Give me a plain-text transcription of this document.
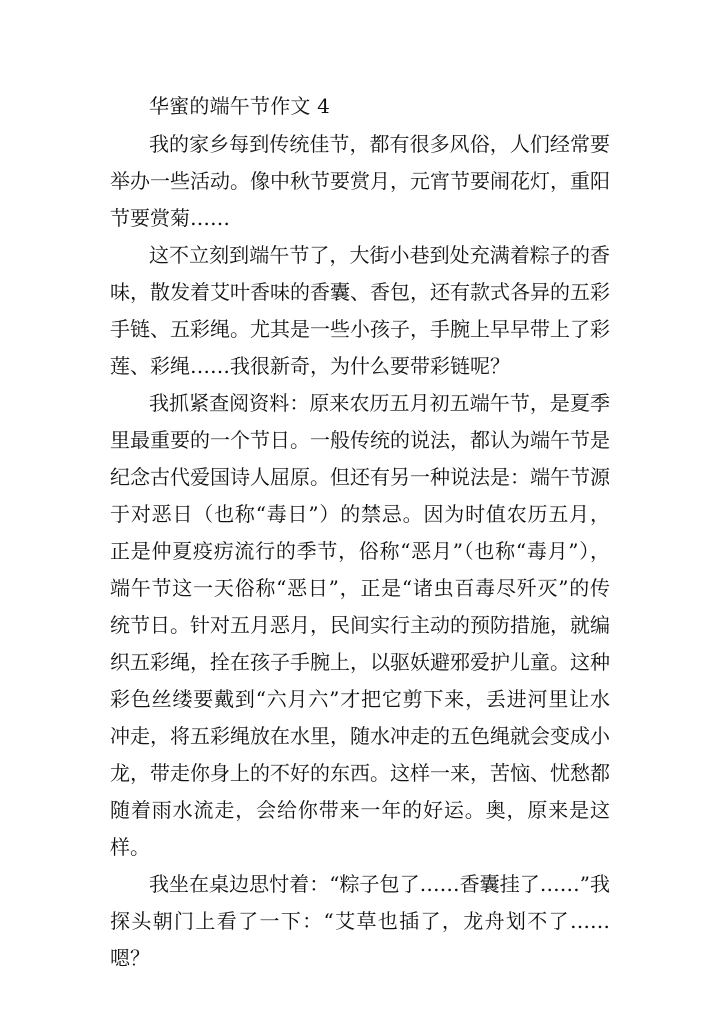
华蜜的端午节作文 4

我的家乡每到传统佳节，都有很多风俗，人们经常要举办一些活动。像中秋节要赏月，元宵节要闹花灯，重阳节要赏菊……

这不立刻到端午节了，大街小巷到处充满着粽子的香味，散发着艾叶香味的香囊、香包，还有款式各异的五彩手链、五彩绳。尤其是一些小孩子，手腕上早早带上了彩莲、彩绳……我很新奇，为什么要带彩链呢？

我抓紧查阅资料：原来农历五月初五端午节，是夏季里最重要的一个节日。一般传统的说法，都认为端午节是纪念古代爱国诗人屈原。但还有另一种说法是：端午节源于对恶日（也称“毒日”）的禁忌。因为时值农历五月，正是仲夏疫疠流行的季节，俗称“恶月”（也称“毒月”），端午节这一天俗称“恶日”，正是“诸虫百毒尽歼灭”的传统节日。针对五月恶月，民间实行主动的预防措施，就编织五彩绳，拴在孩子手腕上，以驱妖避邪爱护儿童。这种彩色丝缕要戴到“六月六”才把它剪下来，丢进河里让水冲走，将五彩绳放在水里，随水冲走的五色绳就会变成小龙，带走你身上的不好的东西。这样一来，苦恼、忧愁都随着雨水流走，会给你带来一年的好运。奥，原来是这样。

我坐在桌边思忖着：“粽子包了……香囊挂了……”我探头朝门上看了一下：“艾草也插了，龙舟划不了……嗯？
